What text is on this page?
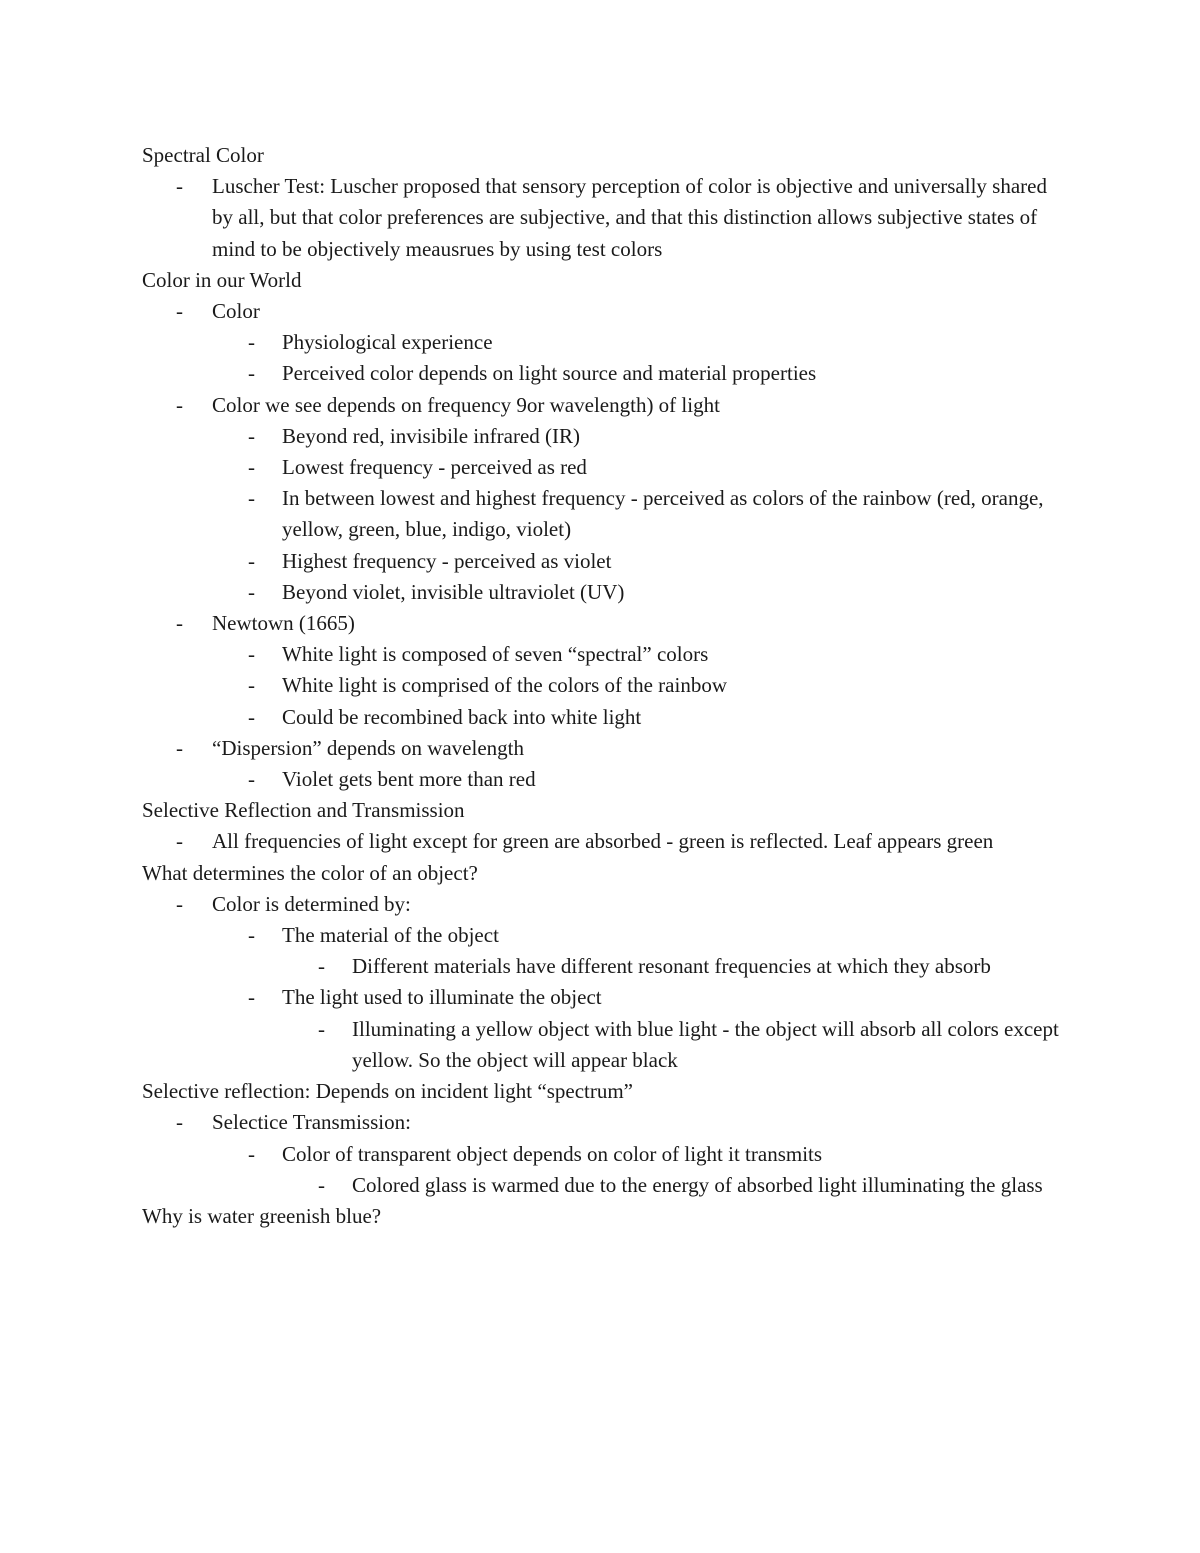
Spectral Color

- Luscher Test: Luscher proposed that sensory perception of color is objective and universally shared by all, but that color preferences are subjective, and that this distinction allows subjective states of mind to be objectively meausrues by using test colors

Color in our World

- Color
- Physiological experience
- Perceived color depends on light source and material properties
- Color we see depends on frequency 9or wavelength) of light
- Beyond red, invisibile infrared (IR)
- Lowest frequency - perceived as red
- In between lowest and highest frequency - perceived as colors of the rainbow (red, orange, yellow, green, blue, indigo, violet)
- Highest frequency - perceived as violet
- Beyond violet, invisible ultraviolet (UV)
- Newtown (1665)
- White light is composed of seven “spectral” colors
- White light is comprised of the colors of the rainbow
- Could be recombined back into white light
- “Dispersion” depends on wavelength
- Violet gets bent more than red

Selective Reflection and Transmission

- All frequencies of light except for green are absorbed - green is reflected. Leaf appears green

What determines the color of an object?

- Color is determined by:
- The material of the object
- Different materials have different resonant frequencies at which they absorb
- The light used to illuminate the object
- Illuminating a yellow object with blue light - the object will absorb all colors except yellow. So the object will appear black

Selective reflection: Depends on incident light “spectrum”

- Selectice Transmission:
- Color of transparent object depends on color of light it transmits
- Colored glass is warmed due to the energy of absorbed light illuminating the glass

Why is water greenish blue?
